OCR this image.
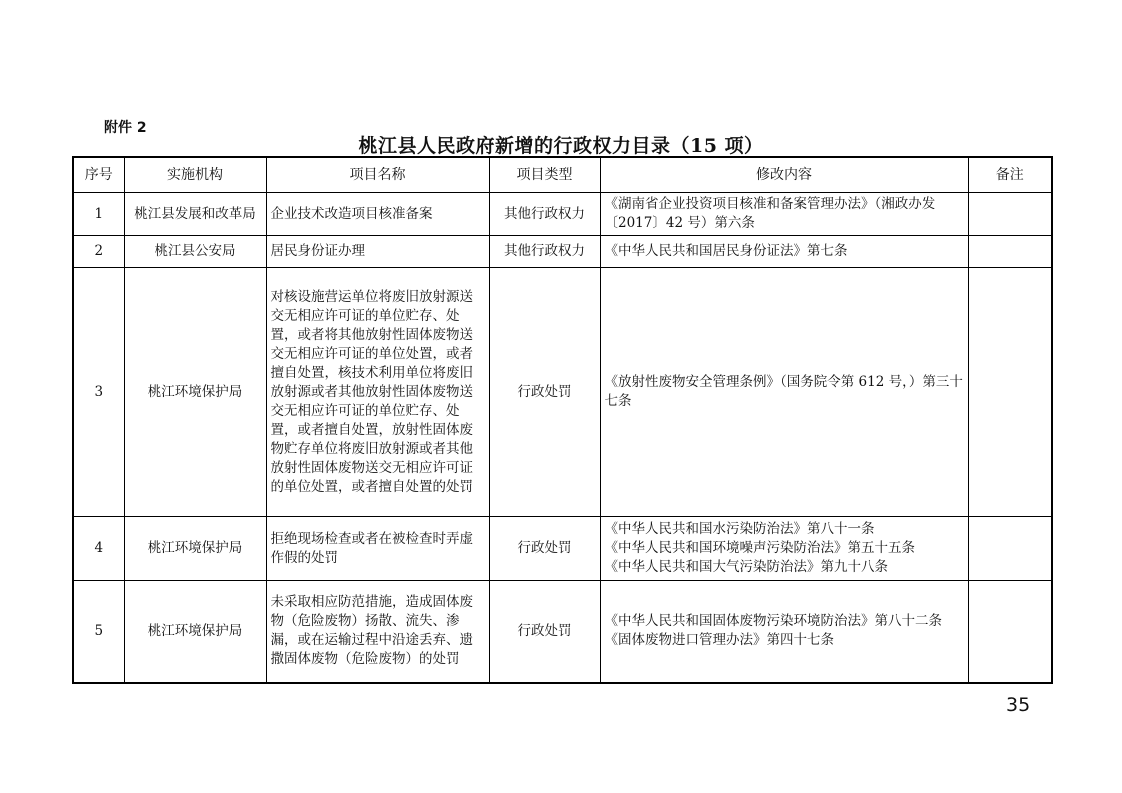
附件 2
桃江县人民政府新增的行政权力目录（15 项）
序号	实施机构	项目名称	项目类型	修改内容	备注
1	桃江县发展和改革局	企业技术改造项目核准备案	其他行政权力	《湖南省企业投资项目核准和备案管理办法》（湘政办发〔2017〕42 号）第六条	
2	桃江县公安局	居民身份证办理	其他行政权力	《中华人民共和国居民身份证法》第七条	
3	桃江环境保护局	对核设施营运单位将废旧放射源送交无相应许可证的单位贮存、处置，或者将其他放射性固体废物送交无相应许可证的单位处置，或者擅自处置，核技术利用单位将废旧放射源或者其他放射性固体废物送交无相应许可证的单位贮存、处置，或者擅自处置，放射性固体废物贮存单位将废旧放射源或者其他放射性固体废物送交无相应许可证的单位处置，或者擅自处置的处罚	行政处罚	《放射性废物安全管理条例》（国务院令第 612 号，）第三十七条	
4	桃江环境保护局	拒绝现场检查或者在被检查时弄虚作假的处罚	行政处罚	《中华人民共和国水污染防治法》第八十一条
《中华人民共和国环境噪声污染防治法》第五十五条
《中华人民共和国大气污染防治法》第九十八条	
5	桃江环境保护局	未采取相应防范措施，造成固体废物（危险废物）扬散、流失、渗漏，或在运输过程中沿途丢弃、遗撒固体废物（危险废物）的处罚	行政处罚	《中华人民共和国固体废物污染环境防治法》第八十二条
《固体废物进口管理办法》第四十七条	
35
